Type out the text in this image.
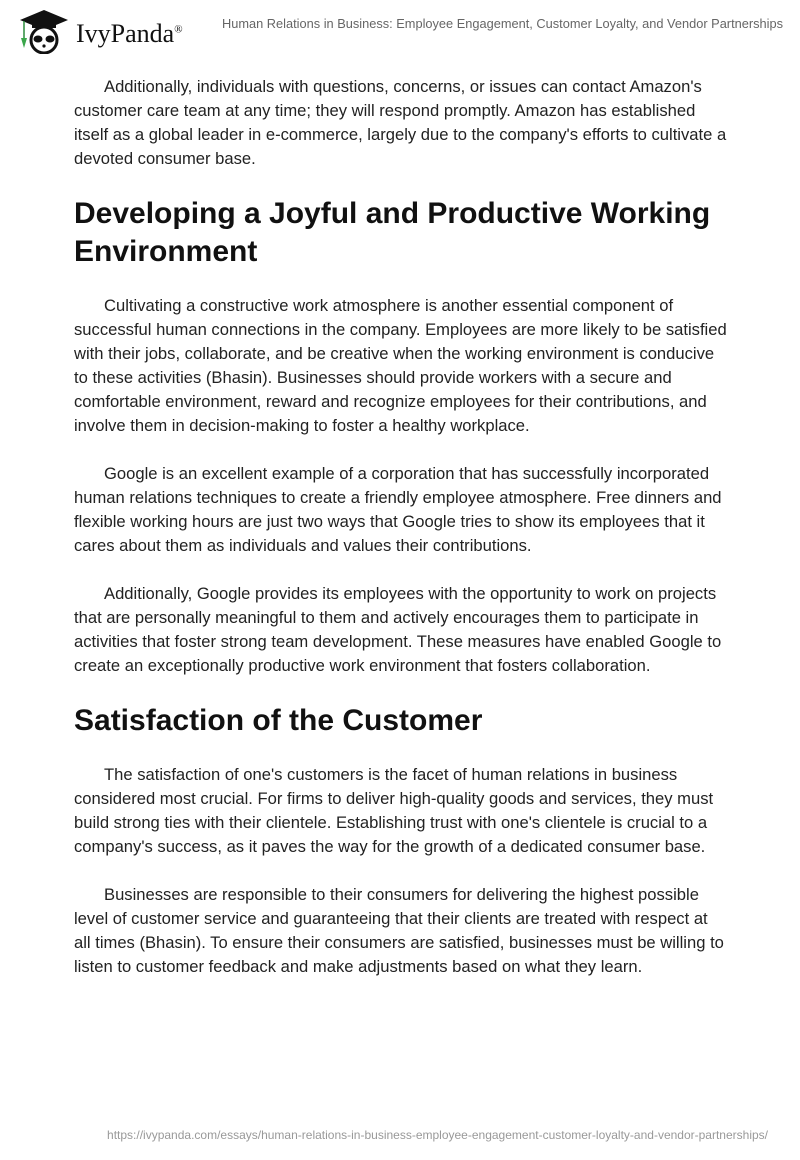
IvyPanda®	Human Relations in Business: Employee Engagement, Customer Loyalty, and Vendor Partnerships

Additionally, individuals with questions, concerns, or issues can contact Amazon's customer care team at any time; they will respond promptly. Amazon has established itself as a global leader in e-commerce, largely due to the company's efforts to cultivate a devoted consumer base.

Developing a Joyful and Productive Working Environment

Cultivating a constructive work atmosphere is another essential component of successful human connections in the company. Employees are more likely to be satisfied with their jobs, collaborate, and be creative when the working environment is conducive to these activities (Bhasin). Businesses should provide workers with a secure and comfortable environment, reward and recognize employees for their contributions, and involve them in decision-making to foster a healthy workplace.

Google is an excellent example of a corporation that has successfully incorporated human relations techniques to create a friendly employee atmosphere. Free dinners and flexible working hours are just two ways that Google tries to show its employees that it cares about them as individuals and values their contributions.

Additionally, Google provides its employees with the opportunity to work on projects that are personally meaningful to them and actively encourages them to participate in activities that foster strong team development. These measures have enabled Google to create an exceptionally productive work environment that fosters collaboration.

Satisfaction of the Customer

The satisfaction of one's customers is the facet of human relations in business considered most crucial. For firms to deliver high-quality goods and services, they must build strong ties with their clientele. Establishing trust with one's clientele is crucial to a company's success, as it paves the way for the growth of a dedicated consumer base.

Businesses are responsible to their consumers for delivering the highest possible level of customer service and guaranteeing that their clients are treated with respect at all times (Bhasin). To ensure their consumers are satisfied, businesses must be willing to listen to customer feedback and make adjustments based on what they learn.

https://ivypanda.com/essays/human-relations-in-business-employee-engagement-customer-loyalty-and-vendor-partnerships/
